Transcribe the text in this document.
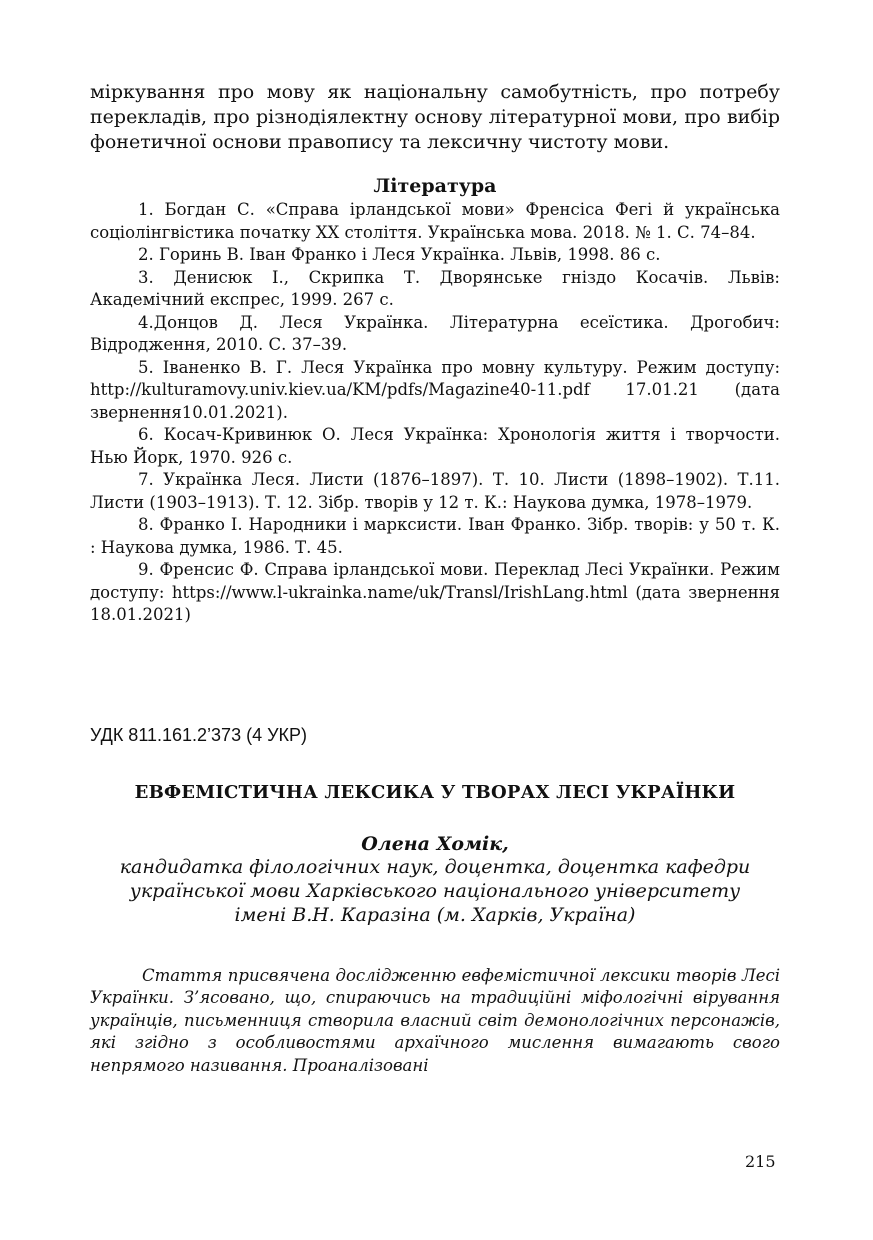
міркування про мову як національну самобутність, про потребу перекладів, про різнодіялектну основу літературної мови, про вибір фонетичної основи правопису та лексичну чистоту мови.

Література

1. Богдан С. «Справа ірландської мови» Френсіса Фегі й українська соціолінгвістика початку ХХ століття. Українська мова. 2018. № 1. С. 74–84.

2. Горинь В. Іван Франко і Леся Українка. Львів, 1998. 86 с.

3. Денисюк І., Скрипка Т. Дворянське гніздо Косачів. Львів: Академічний експрес, 1999. 267 с.

4.Донцов Д. Леся Українка. Літературна есеїстика. Дрогобич: Відродження, 2010. С. 37–39.

5. Іваненко В. Г. Леся Українка про мовну культуру. Режим доступу: http://kulturamovy.univ.kiev.ua/KM/pdfs/Magazine40-11.pdf 17.01.21 (дата звернення10.01.2021).

6. Косач-Кривинюк О. Леся Українка: Хронологія життя і творчости. Нью Йорк, 1970. 926 с.

7. Українка Леся. Листи (1876–1897). Т. 10. Листи (1898–1902). Т.11. Листи (1903–1913). Т. 12. Зібр. творів у 12 т. К.: Наукова думка, 1978–1979.

8. Франко І. Народники і марксисти. Іван Франко. Зібр. творів: у 50 т. К. : Наукова думка, 1986. Т. 45.

9. Френсис Ф. Справа ірландської мови. Переклад Лесі Українки. Режим доступу: https://www.l-ukrainka.name/uk/Transl/IrishLang.html (дата звернення 18.01.2021)

УДК 811.161.2’373 (4 УКР)
ЕВФЕМІСТИЧНА ЛЕКСИКА У ТВОРАХ ЛЕСІ УКРАЇНКИ
Олена Хомік,

кандидатка філологічних наук, доцентка, доцентка кафедри

української мови Харківського національного університету

імені В.Н. Каразіна (м. Харків, Україна)

Стаття присвячена дослідженню евфемістичної лексики творів Лесі Українки. З’ясовано, що, спираючись на традиційні міфологічні вірування українців, письменниця створила власний світ демонологічних персонажів, які згідно з особливостями архаїчного мислення вимагають свого непрямого називання. Проаналізовані

215
